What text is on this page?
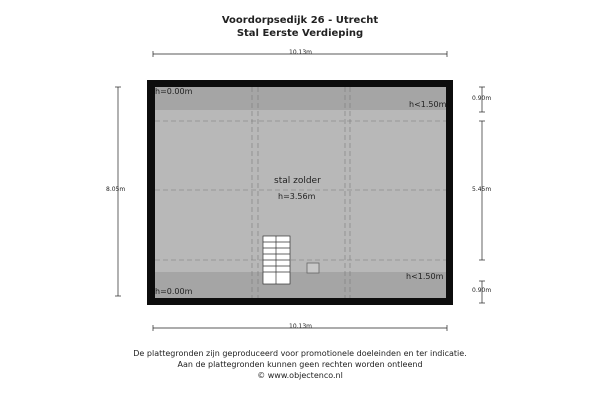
Voordorpsedijk 26 - Utrecht
Stal Eerste Verdieping
10.13m
10.13m
8.05m
0.90m
5.45m
0.90m
h=0.00m
h<1.50m
h<1.50m
h=0.00m
stal zolder
h=3.56m
De plattegronden zijn geproduceerd voor promotionele doeleinden en ter indicatie.
Aan de plattegronden kunnen geen rechten worden ontleend
© www.objectenco.nl
